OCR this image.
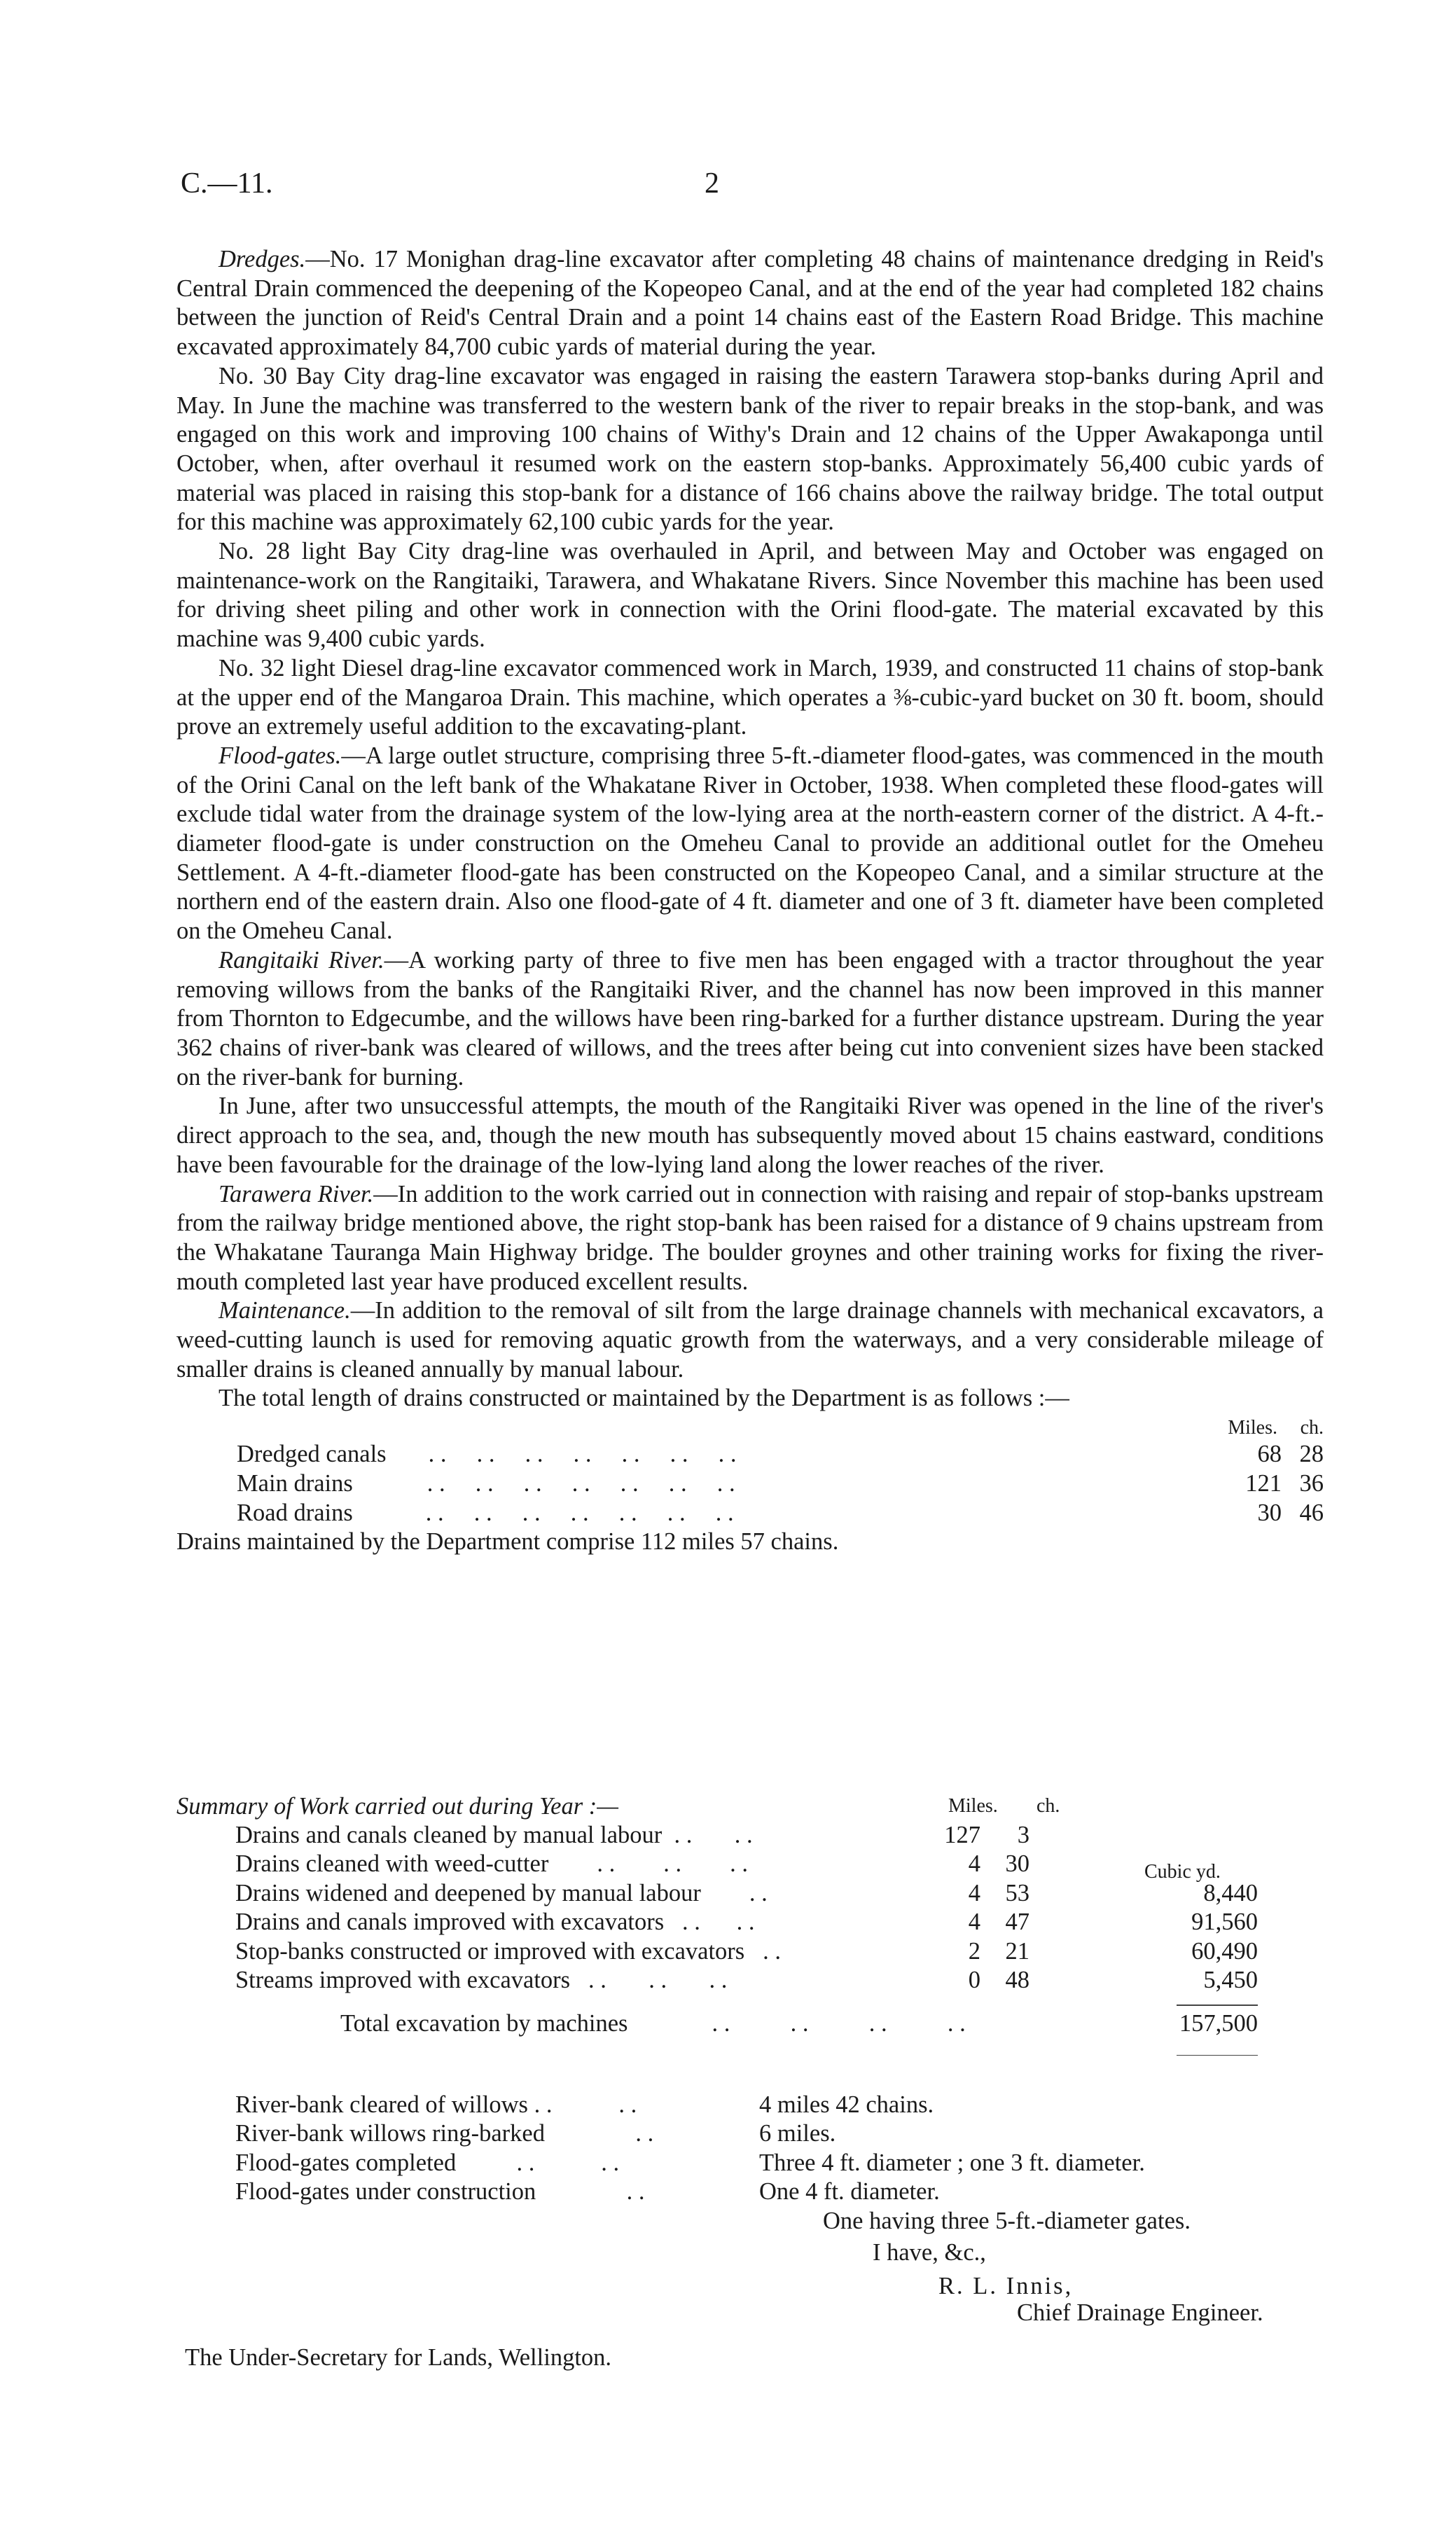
C.—11.	2

Dredges.—No. 17 Monighan drag-line excavator after completing 48 chains of maintenance dredging in Reid's Central Drain commenced the deepening of the Kopeopeo Canal, and at the end of the year had completed 182 chains between the junction of Reid's Central Drain and a point 14 chains east of the Eastern Road Bridge. This machine excavated approximately 84,700 cubic yards of material during the year.

No. 30 Bay City drag-line excavator was engaged in raising the eastern Tarawera stop-banks during April and May. In June the machine was transferred to the western bank of the river to repair breaks in the stop-bank, and was engaged on this work and improving 100 chains of Withy's Drain and 12 chains of the Upper Awakaponga until October, when, after overhaul it resumed work on the eastern stop-banks. Approximately 56,400 cubic yards of material was placed in raising this stop-bank for a distance of 166 chains above the railway bridge. The total output for this machine was approximately 62,100 cubic yards for the year.

No. 28 light Bay City drag-line was overhauled in April, and between May and October was engaged on maintenance-work on the Rangitaiki, Tarawera, and Whakatane Rivers. Since November this machine has been used for driving sheet piling and other work in connection with the Orini flood-gate. The material excavated by this machine was 9,400 cubic yards.

No. 32 light Diesel drag-line excavator commenced work in March, 1939, and constructed 11 chains of stop-bank at the upper end of the Mangaroa Drain. This machine, which operates a ⅜-cubic-yard bucket on 30 ft. boom, should prove an extremely useful addition to the excavating-plant.

Flood-gates.—A large outlet structure, comprising three 5-ft.-diameter flood-gates, was commenced in the mouth of the Orini Canal on the left bank of the Whakatane River in October, 1938. When completed these flood-gates will exclude tidal water from the drainage system of the low-lying area at the north-eastern corner of the district. A 4-ft.-diameter flood-gate is under construction on the Omeheu Canal to provide an additional outlet for the Omeheu Settlement. A 4-ft.-diameter flood-gate has been constructed on the Kopeopeo Canal, and a similar structure at the northern end of the eastern drain. Also one flood-gate of 4 ft. diameter and one of 3 ft. diameter have been completed on the Omeheu Canal.

Rangitaiki River.—A working party of three to five men has been engaged with a tractor throughout the year removing willows from the banks of the Rangitaiki River, and the channel has now been improved in this manner from Thornton to Edgecumbe, and the willows have been ring-barked for a further distance upstream. During the year 362 chains of river-bank was cleared of willows, and the trees after being cut into convenient sizes have been stacked on the river-bank for burning.

In June, after two unsuccessful attempts, the mouth of the Rangitaiki River was opened in the line of the river's direct approach to the sea, and, though the new mouth has subsequently moved about 15 chains eastward, conditions have been favourable for the drainage of the low-lying land along the lower reaches of the river.

Tarawera River.—In addition to the work carried out in connection with raising and repair of stop-banks upstream from the railway bridge mentioned above, the right stop-bank has been raised for a distance of 9 chains upstream from the Whakatane Tauranga Main Highway bridge. The boulder groynes and other training works for fixing the river-mouth completed last year have produced excellent results.

Maintenance.—In addition to the removal of silt from the large drainage channels with mechanical excavators, a weed-cutting launch is used for removing aquatic growth from the waterways, and a very considerable mileage of smaller drains is cleaned annually by manual labour.

The total length of drains constructed or maintained by the Department is as follows :—

Miles. ch.
Dredged canals . .     . .     . .     . .     . .     . .     . .	68 28
Main drains	. .     . .     . .     . .     . .     . .     . .	121 36
Road drains	. .     . .     . .     . .     . .     . .     . .	30 46
Drains maintained by the Department comprise 112 miles 57 chains.
Summary of Work carried out during Year :—	Miles. ch.
Cubic yd.
Drains and canals cleaned by manual labour  . .       . .	127	3
Drains cleaned with weed-cutter        . .        . .        . .	4	30
Drains widened and deepened by manual labour        . .	4	53	8,440
Drains and canals improved with excavators   . .      . .	4	47	91,560
Stop-banks constructed or improved with excavators   . .	2	21	60,490
Streams improved with excavators   . .       . .       . .	0	48	5,450
Total excavation by machines	. .          . .          . .          . .	157,500
River-bank cleared of willows . .           . .	4 miles 42 chains.
River-bank willows ring-barked               . .	6 miles.
Flood-gates completed          . .           . .	Three 4 ft. diameter ; one 3 ft. diameter.
Flood-gates under construction               . .	One 4 ft. diameter.
One having three 5-ft.-diameter gates.
I have, &c.,
R. L. Innis,
Chief Drainage Engineer.
The Under-Secretary for Lands, Wellington.
